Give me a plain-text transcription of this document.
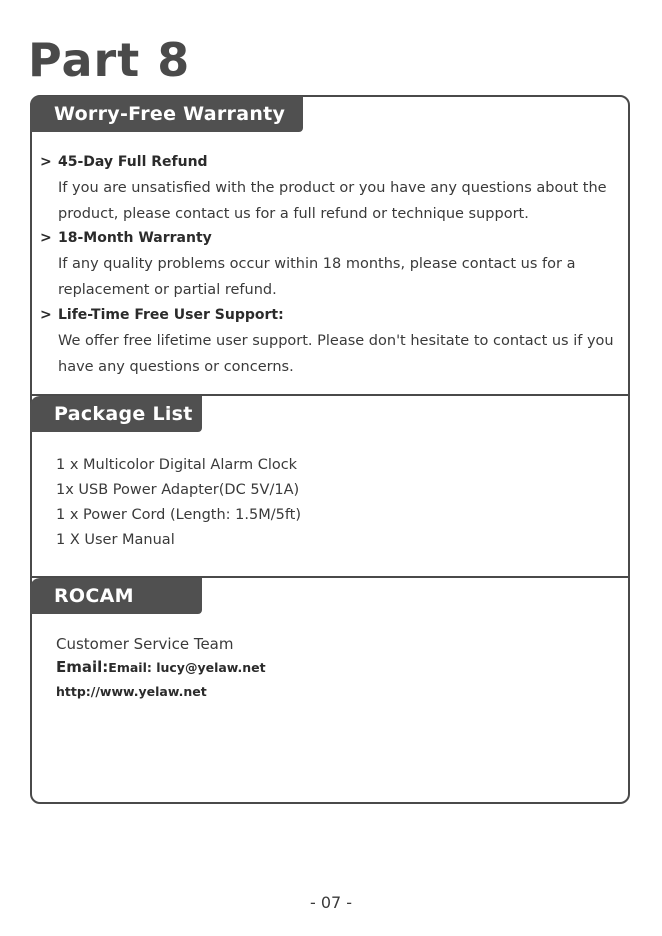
Part 8
Worry-Free Warranty
> 45-Day Full Refund

If you are unsatisfied with the product or you have any questions about the

product, please contact us for a full refund or technique support.

> 18-Month Warranty

If any quality problems occur within 18 months, please contact us for a

replacement or partial refund.

> Life-Time Free User Support:

We offer free lifetime user support. Please don't hesitate to contact us if you

have any questions or concerns.

Package List
1 x Multicolor Digital Alarm Clock
1x USB Power Adapter(DC 5V/1A)
1 x Power Cord (Length: 1.5M/5ft)
1 X User Manual
ROCAM
Customer Service Team
Email:Email: lucy@yelaw.net
http://www.yelaw.net
- 07 -
